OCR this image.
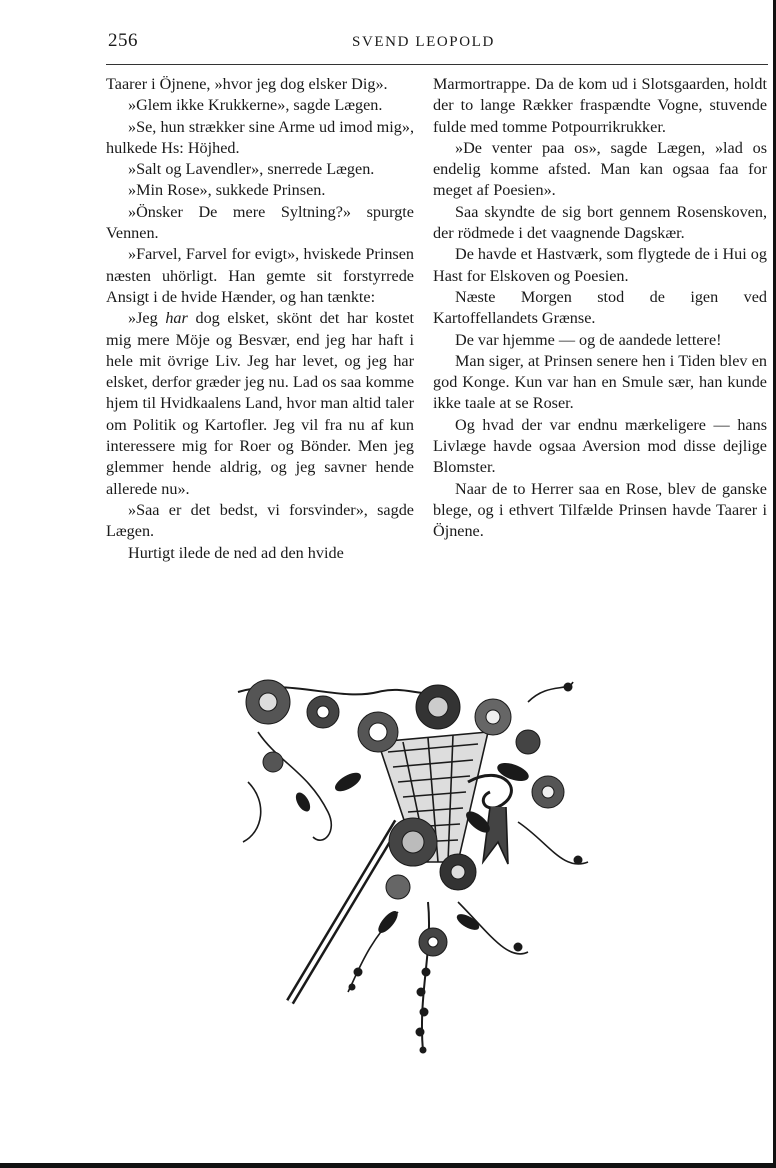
256	SVEND LEOPOLD

Taarer i Öjnene, »hvor jeg dog elsker Dig».

»Glem ikke Krukkerne», sagde Lægen.

»Se, hun strækker sine Arme ud imod mig», hulkede Hs: Höjhed.

»Salt og Lavendler», snerrede Lægen.

»Min Rose», sukkede Prinsen.

»Önsker De mere Syltning?» spurgte Vennen.

»Farvel, Farvel for evigt», hviskede Prinsen næsten uhörligt. Han gemte sit forstyrrede Ansigt i de hvide Hænder, og han tænkte:

»Jeg har dog elsket, skönt det har kostet mig mere Möje og Besvær, end jeg har haft i hele mit övrige Liv. Jeg har levet, og jeg har elsket, derfor græder jeg nu. Lad os saa komme hjem til Hvidkaalens Land, hvor man altid taler om Politik og Kartofler. Jeg vil fra nu af kun interessere mig for Roer og Bönder. Men jeg glemmer hende aldrig, og jeg savner hende allerede nu».

»Saa er det bedst, vi forsvinder», sagde Lægen.

Hurtigt ilede de ned ad den hvide

Marmortrappe. Da de kom ud i Slotsgaarden, holdt der to lange Rækker fraspændte Vogne, stuvende fulde med tomme Potpourrikrukker.

»De venter paa os», sagde Lægen, »lad os endelig komme afsted. Man kan ogsaa faa for meget af Poesien».

Saa skyndte de sig bort gennem Rosenskoven, der rödmede i det vaagnende Dagskær.

De havde et Hastværk, som flygtede de i Hui og Hast for Elskoven og Poesien.

Næste Morgen stod de igen ved Kartoffellandets Grænse.

De var hjemme — og de aandede lettere!

Man siger, at Prinsen senere hen i Tiden blev en god Konge. Kun var han en Smule sær, han kunde ikke taale at se Roser.

Og hvad der var endnu mærkeligere — hans Livlæge havde ogsaa Aversion mod disse dejlige Blomster.

Naar de to Herrer saa en Rose, blev de ganske blege, og i ethvert Tilfælde Prinsen havde Taarer i Öjnene.
